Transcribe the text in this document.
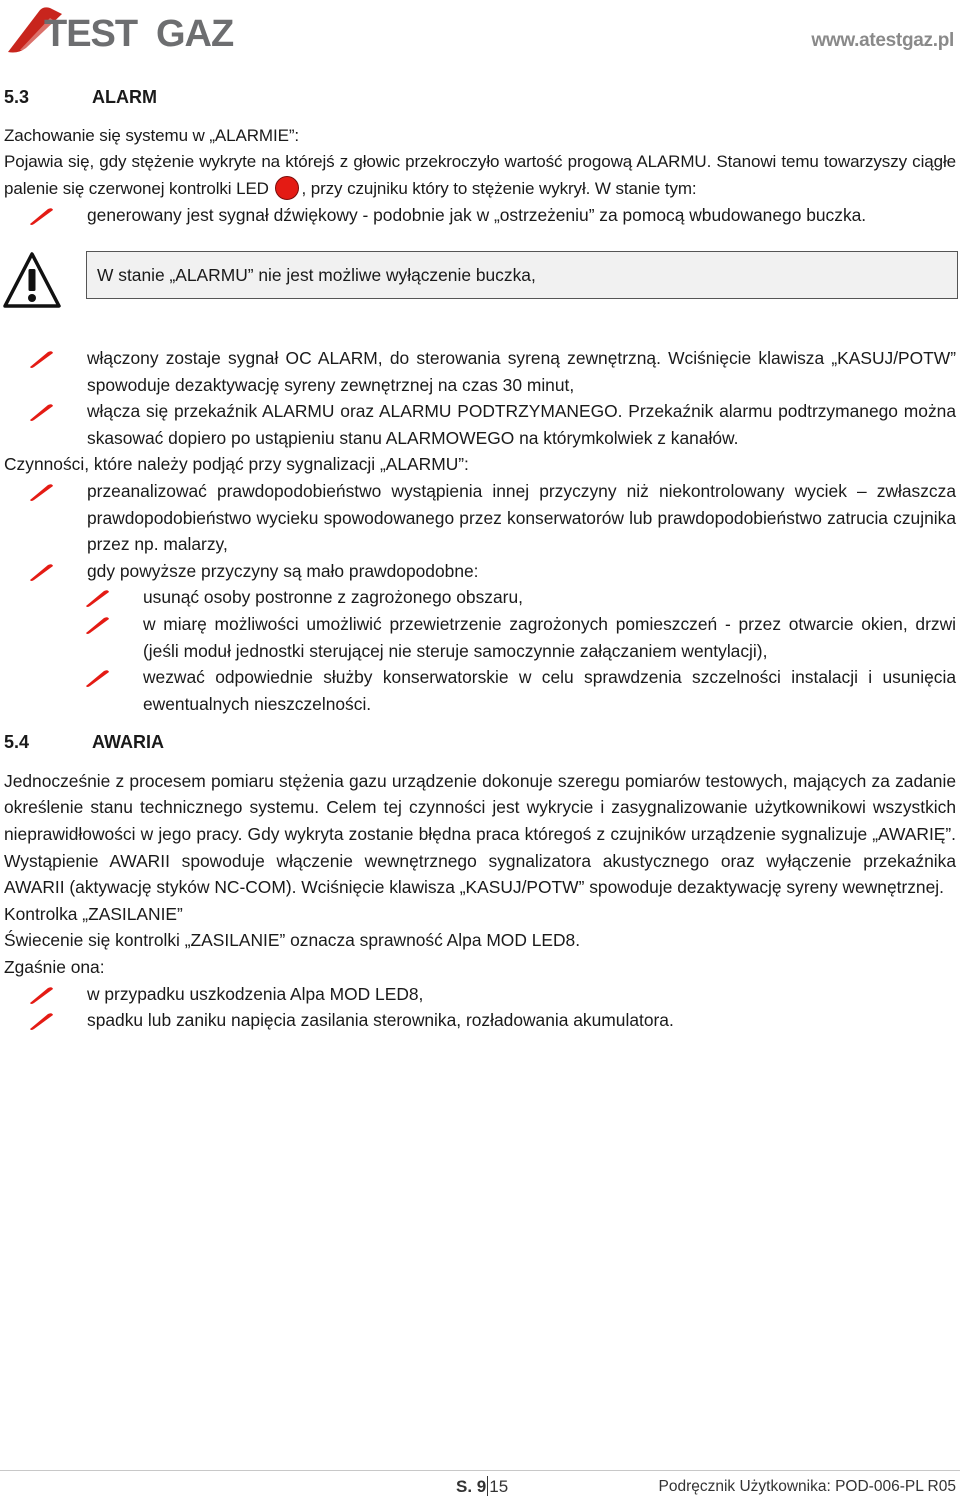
TEST GAZ	www.atestgaz.pl
5.3	ALARM
Zachowanie się systemu w „ALARMIE”:
Pojawia się, gdy stężenie wykryte na którejś z głowic przekroczyło wartość progową ALARMU. Stanowi temu towarzyszy ciągłe palenie się czerwonej kontrolki LED , przy czujniku który to stężenie wykrył. W stanie tym:
generowany jest sygnał dźwiękowy - podobnie jak w „ostrzeżeniu” za pomocą wbudowanego buczka.
W stanie „ALARMU” nie jest możliwe wyłączenie buczka,
włączony zostaje sygnał OC ALARM, do sterowania syreną zewnętrzną. Wciśnięcie klawisza „KASUJ/POTW” spowoduje dezaktywację syreny zewnętrznej na czas 30 minut,
włącza się przekaźnik ALARMU oraz ALARMU PODTRZYMANEGO. Przekaźnik alarmu podtrzymanego można skasować dopiero po ustąpieniu stanu ALARMOWEGO na którymkolwiek z kanałów.
Czynności, które należy podjąć przy sygnalizacji „ALARMU”:
przeanalizować prawdopodobieństwo wystąpienia innej przyczyny niż niekontrolowany wyciek – zwłaszcza prawdopodobieństwo wycieku spowodowanego przez konserwatorów lub prawdopodobieństwo zatrucia czujnika przez np. malarzy,
gdy powyższe przyczyny są mało prawdopodobne:
usunąć osoby postronne z zagrożonego obszaru,
w miarę możliwości umożliwić przewietrzenie zagrożonych pomieszczeń - przez otwarcie okien, drzwi (jeśli moduł jednostki sterującej nie steruje samoczynnie załączaniem wentylacji),
wezwać odpowiednie służby konserwatorskie w celu sprawdzenia szczelności instalacji i usunięcia ewentualnych nieszczelności.
5.4	AWARIA
Jednocześnie z procesem pomiaru stężenia gazu urządzenie dokonuje szeregu pomiarów testowych, mających za zadanie określenie stanu technicznego systemu. Celem tej czynności jest wykrycie i zasygnalizowanie użytkownikowi wszystkich nieprawidłowości w jego pracy. Gdy wykryta zostanie błędna praca któregoś z czujników urządzenie sygnalizuje „AWARIĘ”. Wystąpienie AWARII spowoduje włączenie wewnętrznego sygnalizatora akustycznego oraz wyłączenie przekaźnika AWARII (aktywację styków NC-COM). Wciśnięcie klawisza „KASUJ/POTW” spowoduje dezaktywację syreny wewnętrznej.
Kontrolka „ZASILANIE”
Świecenie się kontrolki „ZASILANIE” oznacza sprawność Alpa MOD LED8.
Zgaśnie ona:
w przypadku uszkodzenia Alpa MOD LED8,
spadku lub zaniku napięcia zasilania sterownika, rozładowania akumulatora.
S. 9 15	Podręcznik Użytkownika: POD-006-PL R05
